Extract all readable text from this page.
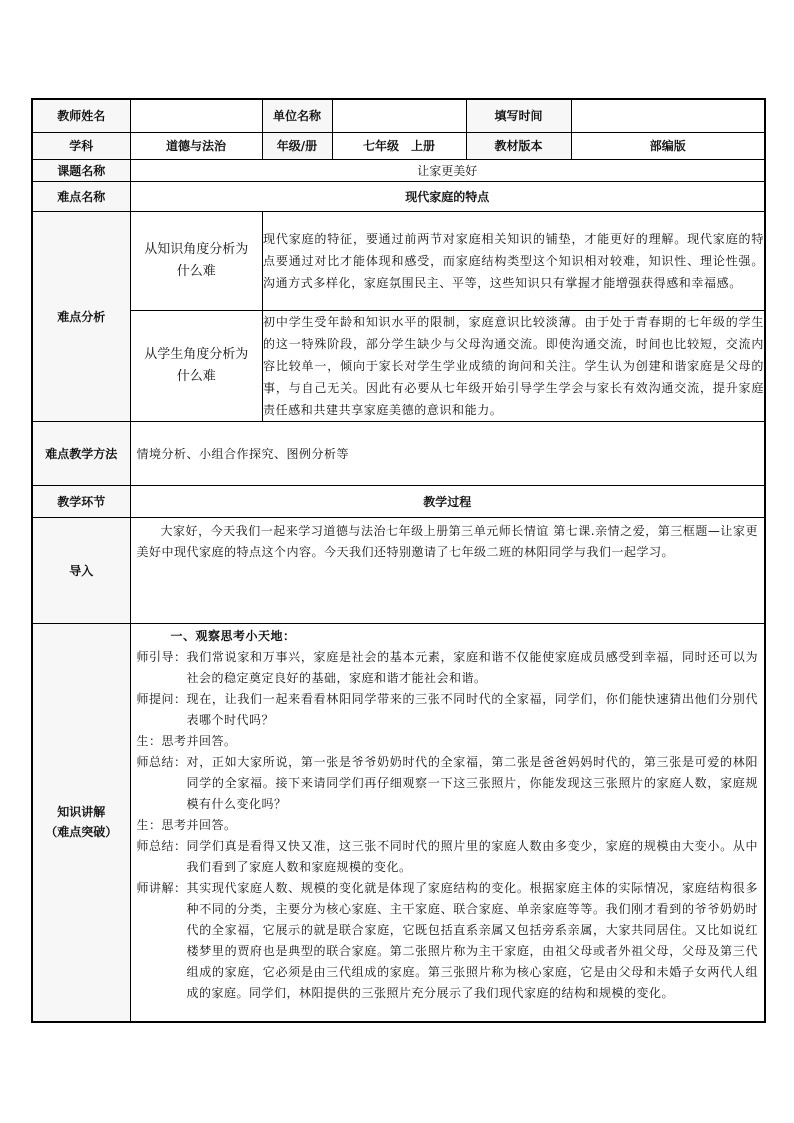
教师姓名		单位名称		填写时间	
学科	道德与法治	年级/册	七年级　上册	教材版本	部编版
课题名称	让家更美好
难点名称	现代家庭的特点
难点分析	
从知识角度分析为什么难	现代家庭的特征，要通过前两节对家庭相关知识的铺垫，才能更好的理解。现代家庭的特点要通过对比才能体现和感受，而家庭结构类型这个知识相对较难，知识性、理论性强。沟通方式多样化，家庭氛围民主、平等，这些知识只有掌握才能增强获得感和幸福感。
从学生角度分析为什么难	初中学生受年龄和知识水平的限制，家庭意识比较淡薄。由于处于青春期的七年级的学生的这一特殊阶段，部分学生缺少与父母沟通交流。即使沟通交流，时间也比较短，交流内容比较单一，倾向于家长对学生学业成绩的询问和关注。学生认为创建和谐家庭是父母的事，与自己无关。因此有必要从七年级开始引导学生学会与家长有效沟通交流，提升家庭责任感和共建共享家庭美德的意识和能力。

难点教学方法	情境分析、小组合作探究、图例分析等
教学环节	教学过程
导入	
大家好，今天我们一起来学习道德与法治七年级上册第三单元师长情谊 第七课.亲情之爱，第三框题—让家更美好中现代家庭的特点这个内容。今天我们还特别邀请了七年级二班的林阳同学与我们一起学习。

知识讲解
（难点突破）

一、观察思考小天地：
师引导： 我们常说家和万事兴，家庭是社会的基本元素，家庭和谐不仅能使家庭成员感受到幸福，同时还可以为社会的稳定奠定良好的基础，家庭和谐才能社会和谐。
师提问： 现在，让我们一起来看看林阳同学带来的三张不同时代的全家福，同学们，你们能快速猜出他们分别代表哪个时代吗？
生： 思考并回答。
师总结： 对，正如大家所说，第一张是爷爷奶奶时代的全家福，第二张是爸爸妈妈时代的，第三张是可爱的林阳同学的全家福。接下来请同学们再仔细观察一下这三张照片，你能发现这三张照片的家庭人数，家庭规模有什么变化吗？
生： 思考并回答。
师总结： 同学们真是看得又快又准，这三张不同时代的照片里的家庭人数由多变少，家庭的规模由大变小。从中我们看到了家庭人数和家庭规模的变化。
师讲解： 其实现代家庭人数、规模的变化就是体现了家庭结构的变化。根据家庭主体的实际情况，家庭结构很多种不同的分类，主要分为核心家庭、主干家庭、联合家庭、单亲家庭等等。我们刚才看到的爷爷奶奶时代的全家福，它展示的就是联合家庭，它既包括直系亲属又包括旁系亲属，大家共同居住。又比如说红楼梦里的贾府也是典型的联合家庭。第二张照片称为主干家庭，由祖父母或者外祖父母，父母及第三代组成的家庭，它必须是由三代组成的家庭。第三张照片称为核心家庭，它是由父母和未婚子女两代人组成的家庭。同学们，林阳提供的三张照片充分展示了我们现代家庭的结构和规模的变化。
